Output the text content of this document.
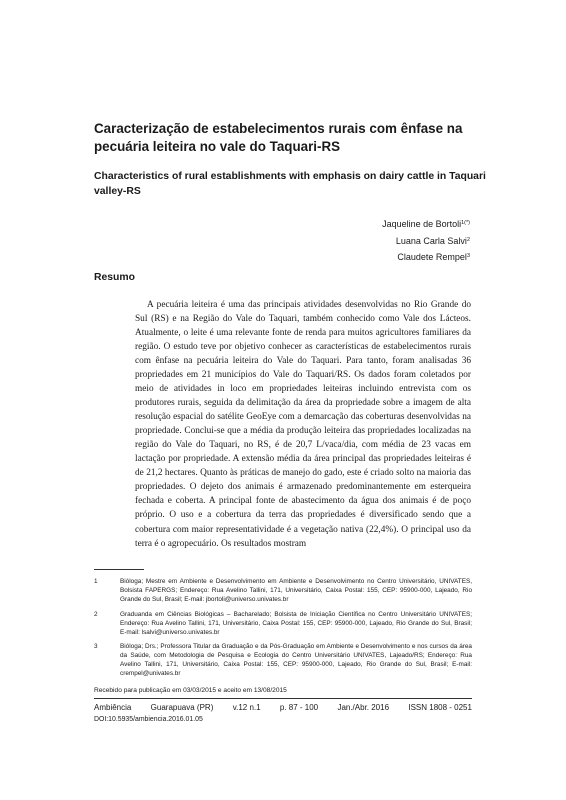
Caracterização de estabelecimentos rurais com ênfase na pecuária leiteira no vale do Taquari-RS
Characteristics of rural establishments with emphasis on dairy cattle in Taquari valley-RS
Jaqueline de Bortoli$^{1(*)}$
Luana Carla Salvi$^2$
Claudete Rempel$^3$
Resumo

A pecuária leiteira é uma das principais atividades desenvolvidas no Rio Grande do Sul (RS) e na Região do Vale do Taquari, também conhecido como Vale dos Lácteos. Atualmente, o leite é uma relevante fonte de renda para muitos agricultores familiares da região. O estudo teve por objetivo conhecer as características de estabelecimentos rurais com ênfase na pecuária leiteira do Vale do Taquari. Para tanto, foram analisadas 36 propriedades em 21 municípios do Vale do Taquari/RS. Os dados foram coletados por meio de atividades in loco em propriedades leiteiras incluindo entrevista com os produtores rurais, seguida da delimitação da área da propriedade sobre a imagem de alta resolução espacial do satélite GeoEye com a demarcação das coberturas desenvolvidas na propriedade. Conclui-se que a média da produção leiteira das propriedades localizadas na região do Vale do Taquari, no RS, é de 20,7 L/vaca/dia, com média de 23 vacas em lactação por propriedade. A extensão média da área principal das propriedades leiteiras é de 21,2 hectares. Quanto às práticas de manejo do gado, este é criado solto na maioria das propriedades. O dejeto dos animais é armazenado predominantemente em esterqueira fechada e coberta. A principal fonte de abastecimento da água dos animais é de poço próprio. O uso e a cobertura da terra das propriedades é diversificado sendo que a cobertura com maior representatividade é a vegetação nativa (22,4%). O principal uso da terra é o agropecuário. Os resultados mostram

1	Bióloga; Mestre em Ambiente e Desenvolvimento em Ambiente e Desenvolvimento no Centro Universitário, UNIVATES, Bolsista FAPERGS; Endereço: Rua Avelino Tallini, 171, Universitário, Caixa Postal: 155, CEP: 95900-000, Lajeado, Rio Grande do Sul, Brasil; E-mail: jbortoli@universo.univates.br
2	Graduanda em Ciências Biológicas – Bacharelado; Bolsista de Iniciação Científica no Centro Universitário UNIVATES; Endereço: Rua Avelino Tallini, 171, Universitário, Caixa Postal: 155, CEP: 95900-000, Lajeado, Rio Grande do Sul, Brasil; E-mail: lsalvi@universo.univates.br
3	Bióloga; Drs.; Professora Titular da Graduação e da Pós-Graduação em Ambiente e Desenvolvimento e nos cursos da área da Saúde, com Metodologia de Pesquisa e Ecologia do Centro Universitário UNIVATES, Lajeado/RS; Endereço: Rua Avelino Tallini, 171, Universitário, Caixa Postal: 155, CEP: 95900-000, Lajeado, Rio Grande do Sul, Brasil; E-mail: crempel@univates.br
Recebido para publicação em 03/03/2015 e aceito em 13/08/2015
Ambiência Guarapuava (PR) v.12 n.1 p. 87 - 100 Jan./Abr. 2016 ISSN 1808 - 0251
DOI:10.5935/ambiencia.2016.01.05
